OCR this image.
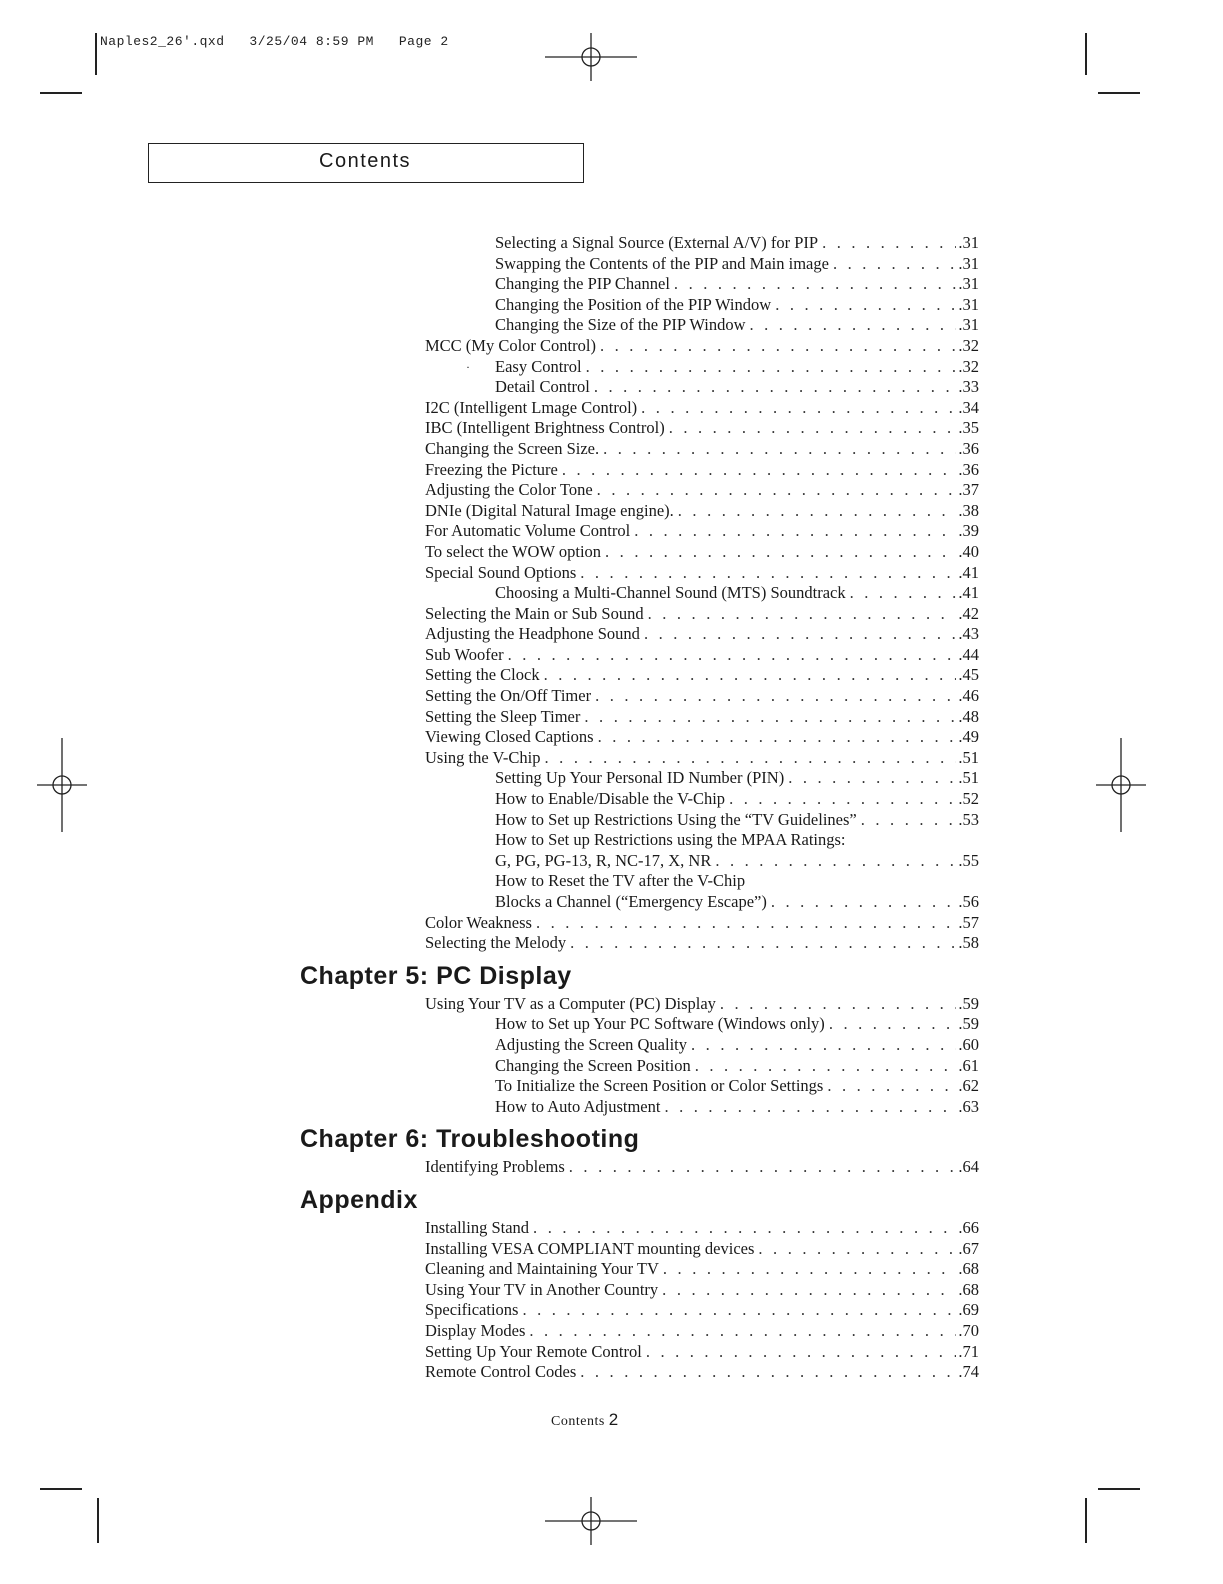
Naples2_26'.qxd   3/25/04 8:59 PM   Page 2
Contents
Selecting a Signal Source (External A/V) for PIP . . .	.31
Swapping the Contents of the PIP and Main image . . .	.31
Changing the PIP Channel . . .	.31
Changing the Position of the PIP Window . . .	.31
Changing the Size of the PIP Window . . .	.31
MCC (My Color Control) . . .	.32
· Easy Control . . .	.32
Detail Control . . .	.33
I2C (Intelligent Lmage Control) . . .	.34
IBC (Intelligent Brightness Control) . . .	.35
Changing the Screen Size. . . .	.36
Freezing the Picture . . .	.36
Adjusting the Color Tone . . .	.37
DNIe (Digital Natural Image engine). . . .	.38
For Automatic Volume Control . . .	.39
To select the WOW option . . .	.40
Special Sound Options . . .	.41
Choosing a Multi-Channel Sound (MTS) Soundtrack . . .	.41
Selecting the Main or Sub Sound . . .	.42
Adjusting the Headphone Sound . . .	.43
Sub Woofer . . .	.44
Setting the Clock . . .	.45
Setting the On/Off Timer . . .	.46
Setting the Sleep Timer . . .	.48
Viewing Closed Captions . . .	.49
Using the V-Chip . . .	.51
Setting Up Your Personal ID Number (PIN) . . .	.51
How to Enable/Disable the V-Chip . . .	.52
How to Set up Restrictions Using the “TV Guidelines” . . .	.53
How to Set up Restrictions using the MPAA Ratings:
G, PG, PG-13, R, NC-17, X, NR . . .	.55
How to Reset the TV after the V-Chip
Blocks a Channel (“Emergency Escape”) . . .	.56
Color Weakness . . .	.57
Selecting the Melody . . .	.58
Chapter 5: PC Display
Using Your TV as a Computer (PC) Display . . .	.59
How to Set up Your PC Software (Windows only) . . .	.59
Adjusting the Screen Quality . . .	.60
Changing the Screen Position . . .	.61
To Initialize the Screen Position or Color Settings . . .	.62
How to Auto Adjustment . . .	.63
Chapter 6: Troubleshooting
Identifying Problems . . .	.64
Appendix
Installing Stand . . .	.66
Installing VESA COMPLIANT mounting devices . . .	.67
Cleaning and Maintaining Your TV . . .	.68
Using Your TV in Another Country . . .	.68
Specifications . . .	.69
Display Modes . . .	.70
Setting Up Your Remote Control . . .	.71
Remote Control Codes . . .	.74
Contents 2
